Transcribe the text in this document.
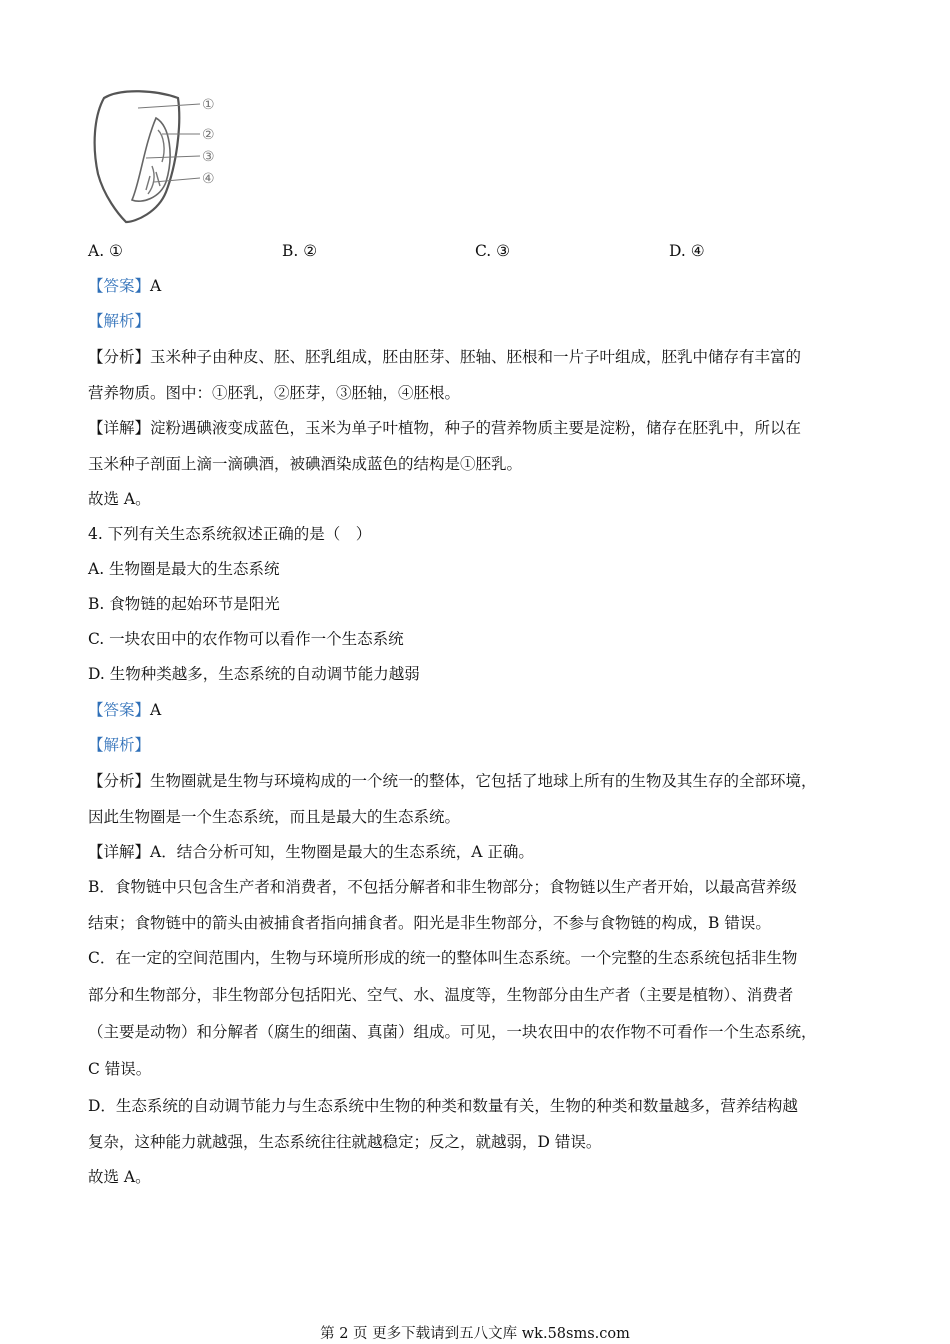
①
②
③
④
A. ①	B. ②	C. ③	D. ④
【答案】A
【解析】
【分析】玉米种子由种皮、胚、胚乳组成，胚由胚芽、胚轴、胚根和一片子叶组成，胚乳中储存有丰富的
营养物质。图中：①胚乳，②胚芽，③胚轴，④胚根。
【详解】淀粉遇碘液变成蓝色，玉米为单子叶植物，种子的营养物质主要是淀粉，储存在胚乳中，所以在
玉米种子剖面上滴一滴碘酒，被碘酒染成蓝色的结构是①胚乳。
故选 A。
4. 下列有关生态系统叙述正确的是（　）
A. 生物圈是最大的生态系统
B. 食物链的起始环节是阳光
C. 一块农田中的农作物可以看作一个生态系统
D. 生物种类越多，生态系统的自动调节能力越弱
【答案】A
【解析】
【分析】生物圈就是生物与环境构成的一个统一的整体，它包括了地球上所有的生物及其生存的全部环境，
因此生物圈是一个生态系统，而且是最大的生态系统。
【详解】A．结合分析可知，生物圈是最大的生态系统，A 正确。
B．食物链中只包含生产者和消费者，不包括分解者和非生物部分；食物链以生产者开始，以最高营养级
结束；食物链中的箭头由被捕食者指向捕食者。阳光是非生物部分，不参与食物链的构成，B 错误。
C．在一定的空间范围内，生物与环境所形成的统一的整体叫生态系统。一个完整的生态系统包括非生物
部分和生物部分，非生物部分包括阳光、空气、水、温度等，生物部分由生产者（主要是植物）、消费者
（主要是动物）和分解者（腐生的细菌、真菌）组成。可见，一块农田中的农作物不可看作一个生态系统，
C 错误。
D．生态系统的自动调节能力与生态系统中生物的种类和数量有关，生物的种类和数量越多，营养结构越
复杂，这种能力就越强，生态系统往往就越稳定；反之，就越弱，D 错误。
故选 A。
第 2 页 更多下载请到五八文库 wk.58sms.com
